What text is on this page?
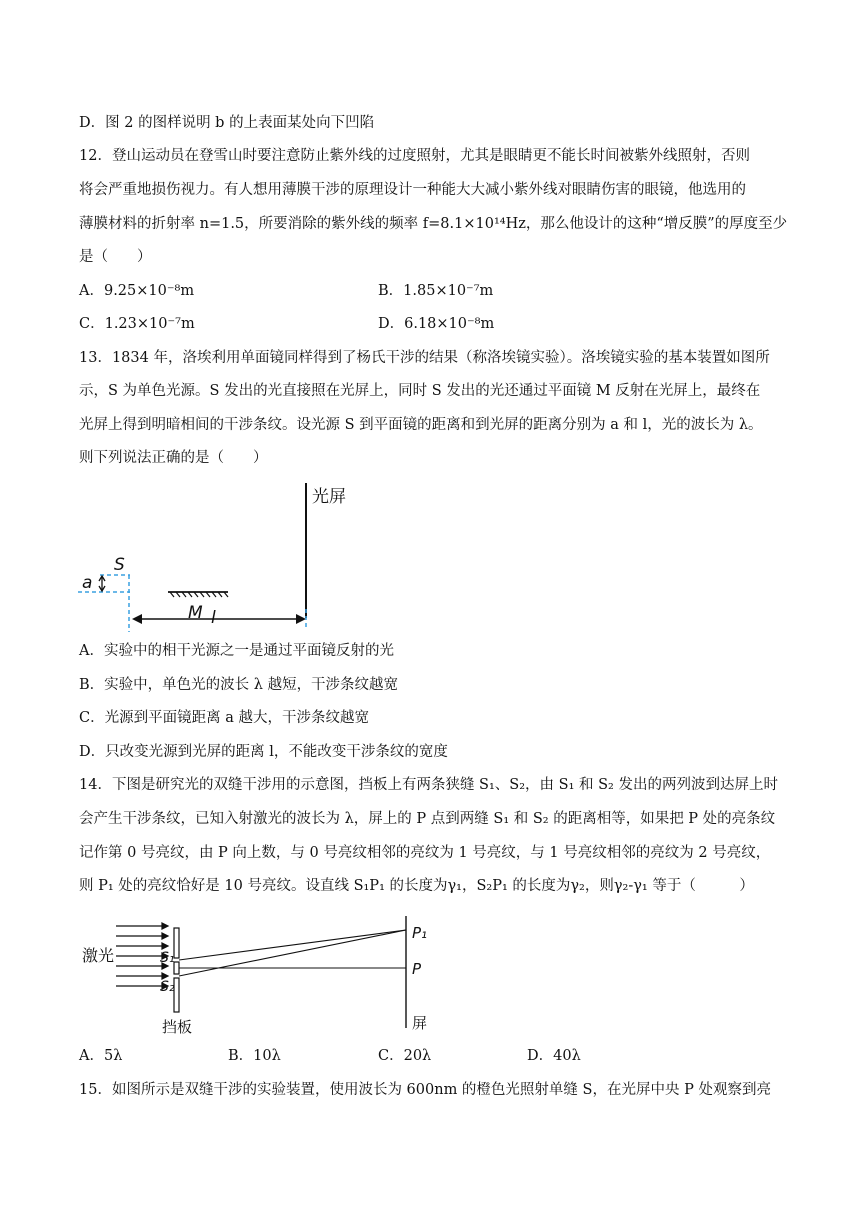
D．图 2 的图样说明 b 的上表面某处向下凹陷
12．登山运动员在登雪山时要注意防止紫外线的过度照射，尤其是眼睛更不能长时间被紫外线照射，否则
将会严重地损伤视力。有人想用薄膜干涉的原理设计一种能大大减小紫外线对眼睛伤害的眼镜，他选用的
薄膜材料的折射率 n=1.5，所要消除的紫外线的频率 f=8.1×10¹⁴Hz，那么他设计的这种“增反膜”的厚度至少
是（　　）
A．9.25×10⁻⁸m	B．1.85×10⁻⁷m
C．1.23×10⁻⁷m	D．6.18×10⁻⁸m
13．1834 年，洛埃利用单面镜同样得到了杨氏干涉的结果（称洛埃镜实验）。洛埃镜实验的基本装置如图所
示，S 为单色光源。S 发出的光直接照在光屏上，同时 S 发出的光还通过平面镜 M 反射在光屏上，最终在
光屏上得到明暗相间的干涉条纹。设光源 S 到平面镜的距离和到光屏的距离分别为 a 和 l，光的波长为 λ。
则下列说法正确的是（　　）
光屏
S
a
M l
A．实验中的相干光源之一是通过平面镜反射的光
B．实验中，单色光的波长 λ 越短，干涉条纹越宽
C．光源到平面镜距离 a 越大，干涉条纹越宽
D．只改变光源到光屏的距离 l，不能改变干涉条纹的宽度
14．下图是研究光的双缝干涉用的示意图，挡板上有两条狭缝 S₁、S₂，由 S₁ 和 S₂ 发出的两列波到达屏上时
会产生干涉条纹，已知入射激光的波长为 λ，屏上的 P 点到两缝 S₁ 和 S₂ 的距离相等，如果把 P 处的亮条纹
记作第 0 号亮纹，由 P 向上数，与 0 号亮纹相邻的亮纹为 1 号亮纹，与 1 号亮纹相邻的亮纹为 2 号亮纹，
则 P₁ 处的亮纹恰好是 10 号亮纹。设直线 S₁P₁ 的长度为γ₁，S₂P₁ 的长度为γ₂，则γ₂-γ₁ 等于（　　　）
激光	S₁
S₂
挡板
P₁
P
屏
A．5λ	B．10λ	C．20λ	D．40λ
15．如图所示是双缝干涉的实验装置，使用波长为 600nm 的橙色光照射单缝 S，在光屏中央 P 处观察到亮
